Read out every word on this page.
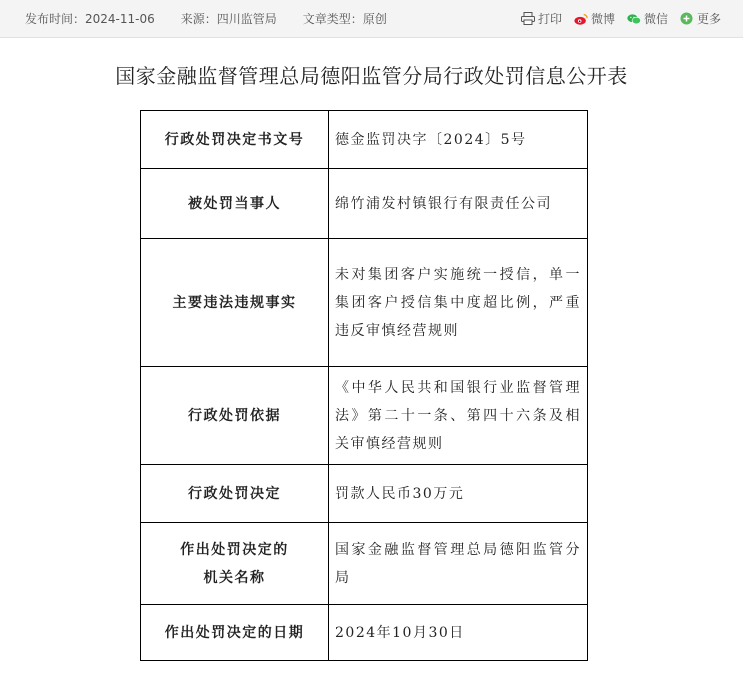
发布时间：2024-11-06 来源：四川监管局 文章类型：原创	打印 微博 微信 更多
国家金融监督管理总局德阳监管分局行政处罚信息公开表
行政处罚决定书文号	德金监罚决字〔2024〕5号
被处罚当事人	绵竹浦发村镇银行有限责任公司
主要违法违规事实	未对集团客户实施统一授信，单一集团客户授信集中度超比例，严重违反审慎经营规则
行政处罚依据	《中华人民共和国银行业监督管理法》第二十一条、第四十六条及相关审慎经营规则
行政处罚决定	罚款人民币30万元

作出处罚决定的
机关名称	国家金融监督管理总局德阳监管分局
作出处罚决定的日期	2024年10月30日
